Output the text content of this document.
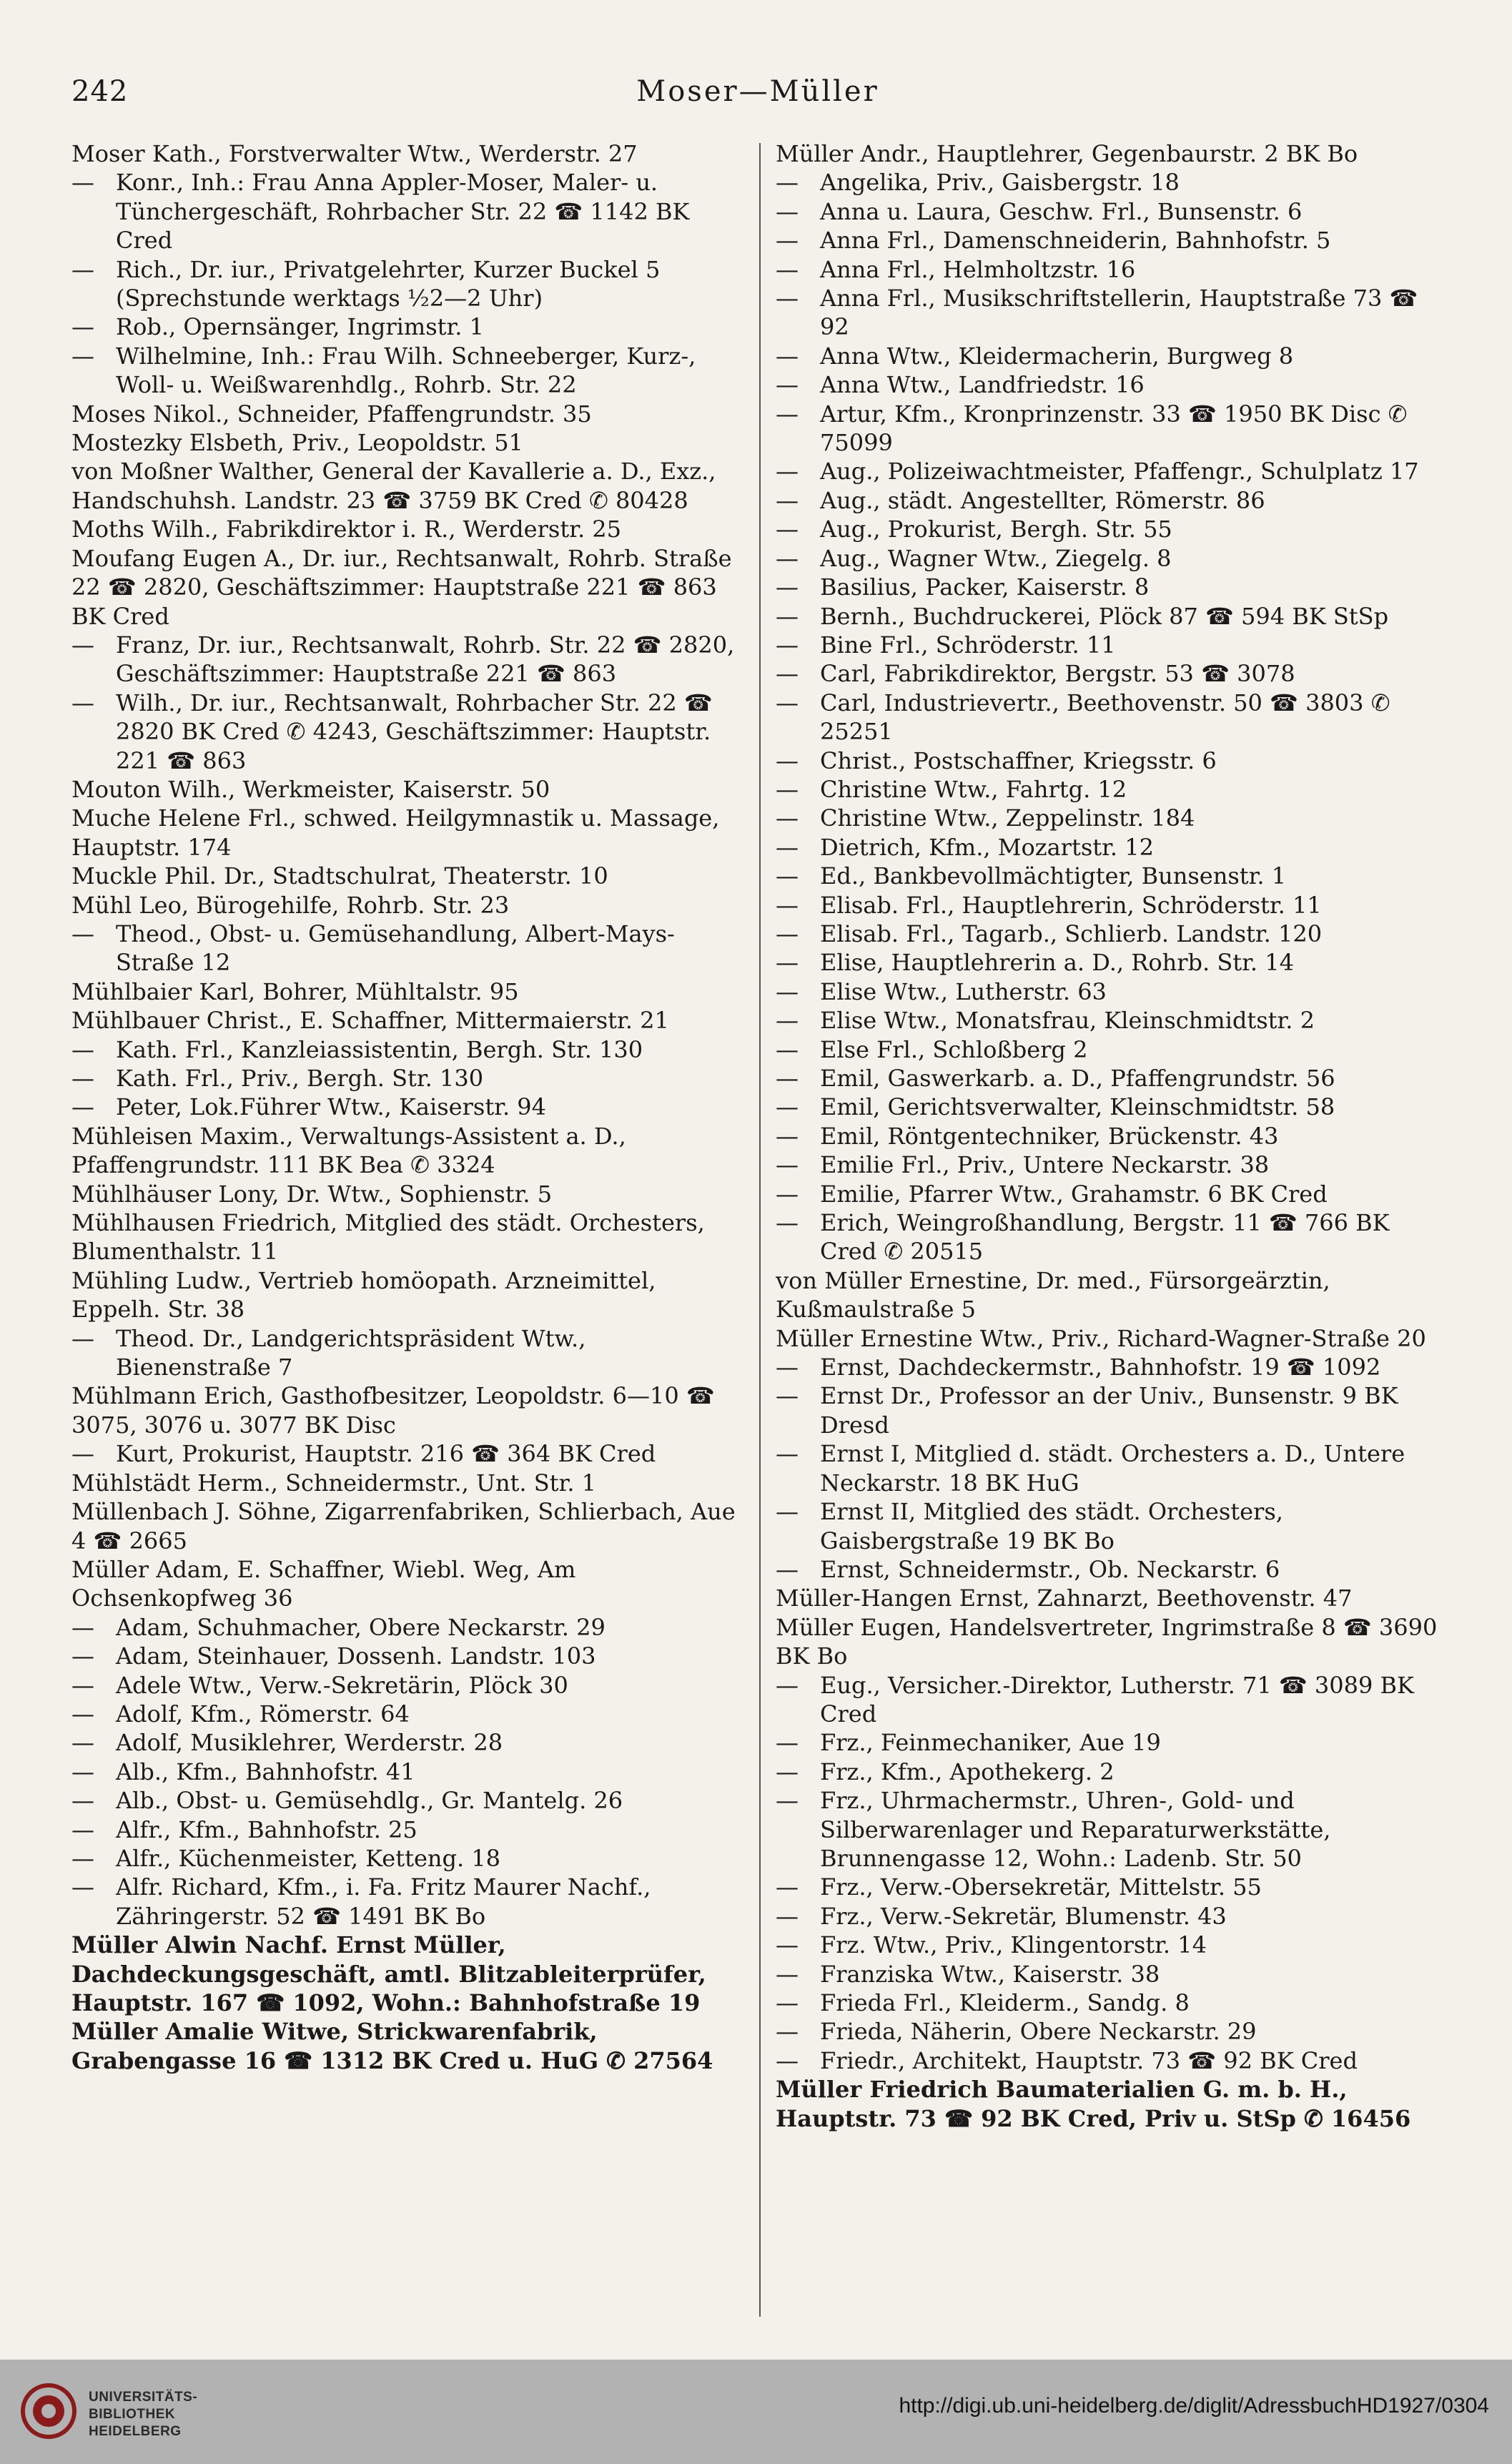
242	Moser—Müller
Moser Kath., Forstverwalter Wtw., Werderstr. 27
— Konr., Inh.: Frau Anna Appler-Moser, Maler- u. Tünchergeschäft, Rohrbacher Str. 22 ☎ 1142 BK Cred
— Rich., Dr. iur., Privatgelehrter, Kurzer Buckel 5 (Sprechstunde werktags ½2—2 Uhr)
— Rob., Opernsänger, Ingrimstr. 1
— Wilhelmine, Inh.: Frau Wilh. Schneeberger, Kurz-, Woll- u. Weißwarenhdlg., Rohrb. Str. 22
Moses Nikol., Schneider, Pfaffengrundstr. 35
Mostezky Elsbeth, Priv., Leopoldstr. 51
von Moßner Walther, General der Kavallerie a. D., Exz., Handschuhsh. Landstr. 23 ☎ 3759 BK Cred ✆ 80428
Moths Wilh., Fabrikdirektor i. R., Werderstr. 25
Moufang Eugen A., Dr. iur., Rechtsanwalt, Rohrb. Straße 22 ☎ 2820, Geschäftszimmer: Hauptstraße 221 ☎ 863 BK Cred
— Franz, Dr. iur., Rechtsanwalt, Rohrb. Str. 22 ☎ 2820, Geschäftszimmer: Hauptstraße 221 ☎ 863
— Wilh., Dr. iur., Rechtsanwalt, Rohrbacher Str. 22 ☎ 2820 BK Cred ✆ 4243, Geschäftszimmer: Hauptstr. 221 ☎ 863
Mouton Wilh., Werkmeister, Kaiserstr. 50
Muche Helene Frl., schwed. Heilgymnastik u. Massage, Hauptstr. 174
Muckle Phil. Dr., Stadtschulrat, Theaterstr. 10
Mühl Leo, Bürogehilfe, Rohrb. Str. 23
— Theod., Obst- u. Gemüsehandlung, Albert-Mays-Straße 12
Mühlbaier Karl, Bohrer, Mühltalstr. 95
Mühlbauer Christ., E. Schaffner, Mittermaierstr. 21
— Kath. Frl., Kanzleiassistentin, Bergh. Str. 130
— Kath. Frl., Priv., Bergh. Str. 130
— Peter, Lok.Führer Wtw., Kaiserstr. 94
Mühleisen Maxim., Verwaltungs-Assistent a. D., Pfaffengrundstr. 111 BK Bea ✆ 3324
Mühlhäuser Lony, Dr. Wtw., Sophienstr. 5
Mühlhausen Friedrich, Mitglied des städt. Orchesters, Blumenthalstr. 11
Mühling Ludw., Vertrieb homöopath. Arzneimittel, Eppelh. Str. 38
— Theod. Dr., Landgerichtspräsident Wtw., Bienenstraße 7
Mühlmann Erich, Gasthofbesitzer, Leopoldstr. 6—10 ☎ 3075, 3076 u. 3077 BK Disc
— Kurt, Prokurist, Hauptstr. 216 ☎ 364 BK Cred
Mühlstädt Herm., Schneidermstr., Unt. Str. 1
Müllenbach J. Söhne, Zigarrenfabriken, Schlierbach, Aue 4 ☎ 2665
Müller Adam, E. Schaffner, Wiebl. Weg, Am Ochsenkopfweg 36
— Adam, Schuhmacher, Obere Neckarstr. 29
— Adam, Steinhauer, Dossenh. Landstr. 103
— Adele Wtw., Verw.-Sekretärin, Plöck 30
— Adolf, Kfm., Römerstr. 64
— Adolf, Musiklehrer, Werderstr. 28
— Alb., Kfm., Bahnhofstr. 41
— Alb., Obst- u. Gemüsehdlg., Gr. Mantelg. 26
— Alfr., Kfm., Bahnhofstr. 25
— Alfr., Küchenmeister, Ketteng. 18
— Alfr. Richard, Kfm., i. Fa. Fritz Maurer Nachf., Zähringerstr. 52 ☎ 1491 BK Bo
Müller Alwin Nachf. Ernst Müller, Dachdeckungsgeschäft, amtl. Blitzableiterprüfer, Hauptstr. 167 ☎ 1092, Wohn.: Bahnhofstraße 19
Müller Amalie Witwe, Strickwarenfabrik, Grabengasse 16 ☎ 1312 BK Cred u. HuG ✆ 27564
Müller Andr., Hauptlehrer, Gegenbaurstr. 2 BK Bo
— Angelika, Priv., Gaisbergstr. 18
— Anna u. Laura, Geschw. Frl., Bunsenstr. 6
— Anna Frl., Damenschneiderin, Bahnhofstr. 5
— Anna Frl., Helmholtzstr. 16
— Anna Frl., Musikschriftstellerin, Hauptstraße 73 ☎ 92
— Anna Wtw., Kleidermacherin, Burgweg 8
— Anna Wtw., Landfriedstr. 16
— Artur, Kfm., Kronprinzenstr. 33 ☎ 1950 BK Disc ✆ 75099
— Aug., Polizeiwachtmeister, Pfaffengr., Schulplatz 17
— Aug., städt. Angestellter, Römerstr. 86
— Aug., Prokurist, Bergh. Str. 55
— Aug., Wagner Wtw., Ziegelg. 8
— Basilius, Packer, Kaiserstr. 8
— Bernh., Buchdruckerei, Plöck 87 ☎ 594 BK StSp
— Bine Frl., Schröderstr. 11
— Carl, Fabrikdirektor, Bergstr. 53 ☎ 3078
— Carl, Industrievertr., Beethovenstr. 50 ☎ 3803 ✆ 25251
— Christ., Postschaffner, Kriegsstr. 6
— Christine Wtw., Fahrtg. 12
— Christine Wtw., Zeppelinstr. 184
— Dietrich, Kfm., Mozartstr. 12
— Ed., Bankbevollmächtigter, Bunsenstr. 1
— Elisab. Frl., Hauptlehrerin, Schröderstr. 11
— Elisab. Frl., Tagarb., Schlierb. Landstr. 120
— Elise, Hauptlehrerin a. D., Rohrb. Str. 14
— Elise Wtw., Lutherstr. 63
— Elise Wtw., Monatsfrau, Kleinschmidtstr. 2
— Else Frl., Schloßberg 2
— Emil, Gaswerkarb. a. D., Pfaffengrundstr. 56
— Emil, Gerichtsverwalter, Kleinschmidtstr. 58
— Emil, Röntgentechniker, Brückenstr. 43
— Emilie Frl., Priv., Untere Neckarstr. 38
— Emilie, Pfarrer Wtw., Grahamstr. 6 BK Cred
— Erich, Weingroßhandlung, Bergstr. 11 ☎ 766 BK Cred ✆ 20515
von Müller Ernestine, Dr. med., Fürsorgeärztin, Kußmaulstraße 5
Müller Ernestine Wtw., Priv., Richard-Wagner-Straße 20
— Ernst, Dachdeckermstr., Bahnhofstr. 19 ☎ 1092
— Ernst Dr., Professor an der Univ., Bunsenstr. 9 BK Dresd
— Ernst I, Mitglied d. städt. Orchesters a. D., Untere Neckarstr. 18 BK HuG
— Ernst II, Mitglied des städt. Orchesters, Gaisbergstraße 19 BK Bo
— Ernst, Schneidermstr., Ob. Neckarstr. 6
Müller-Hangen Ernst, Zahnarzt, Beethovenstr. 47
Müller Eugen, Handelsvertreter, Ingrimstraße 8 ☎ 3690 BK Bo
— Eug., Versicher.-Direktor, Lutherstr. 71 ☎ 3089 BK Cred
— Frz., Feinmechaniker, Aue 19
— Frz., Kfm., Apothekerg. 2
— Frz., Uhrmachermstr., Uhren-, Gold- und Silberwarenlager und Reparaturwerkstätte, Brunnengasse 12, Wohn.: Ladenb. Str. 50
— Frz., Verw.-Obersekretär, Mittelstr. 55
— Frz., Verw.-Sekretär, Blumenstr. 43
— Frz. Wtw., Priv., Klingentorstr. 14
— Franziska Wtw., Kaiserstr. 38
— Frieda Frl., Kleiderm., Sandg. 8
— Frieda, Näherin, Obere Neckarstr. 29
— Friedr., Architekt, Hauptstr. 73 ☎ 92 BK Cred
Müller Friedrich Baumaterialien G. m. b. H., Hauptstr. 73 ☎ 92 BK Cred, Priv u. StSp ✆ 16456
UNIVERSITÄTS-
BIBLIOTHEK
HEIDELBERG
http://digi.ub.uni-heidelberg.de/diglit/AdressbuchHD1927/0304
